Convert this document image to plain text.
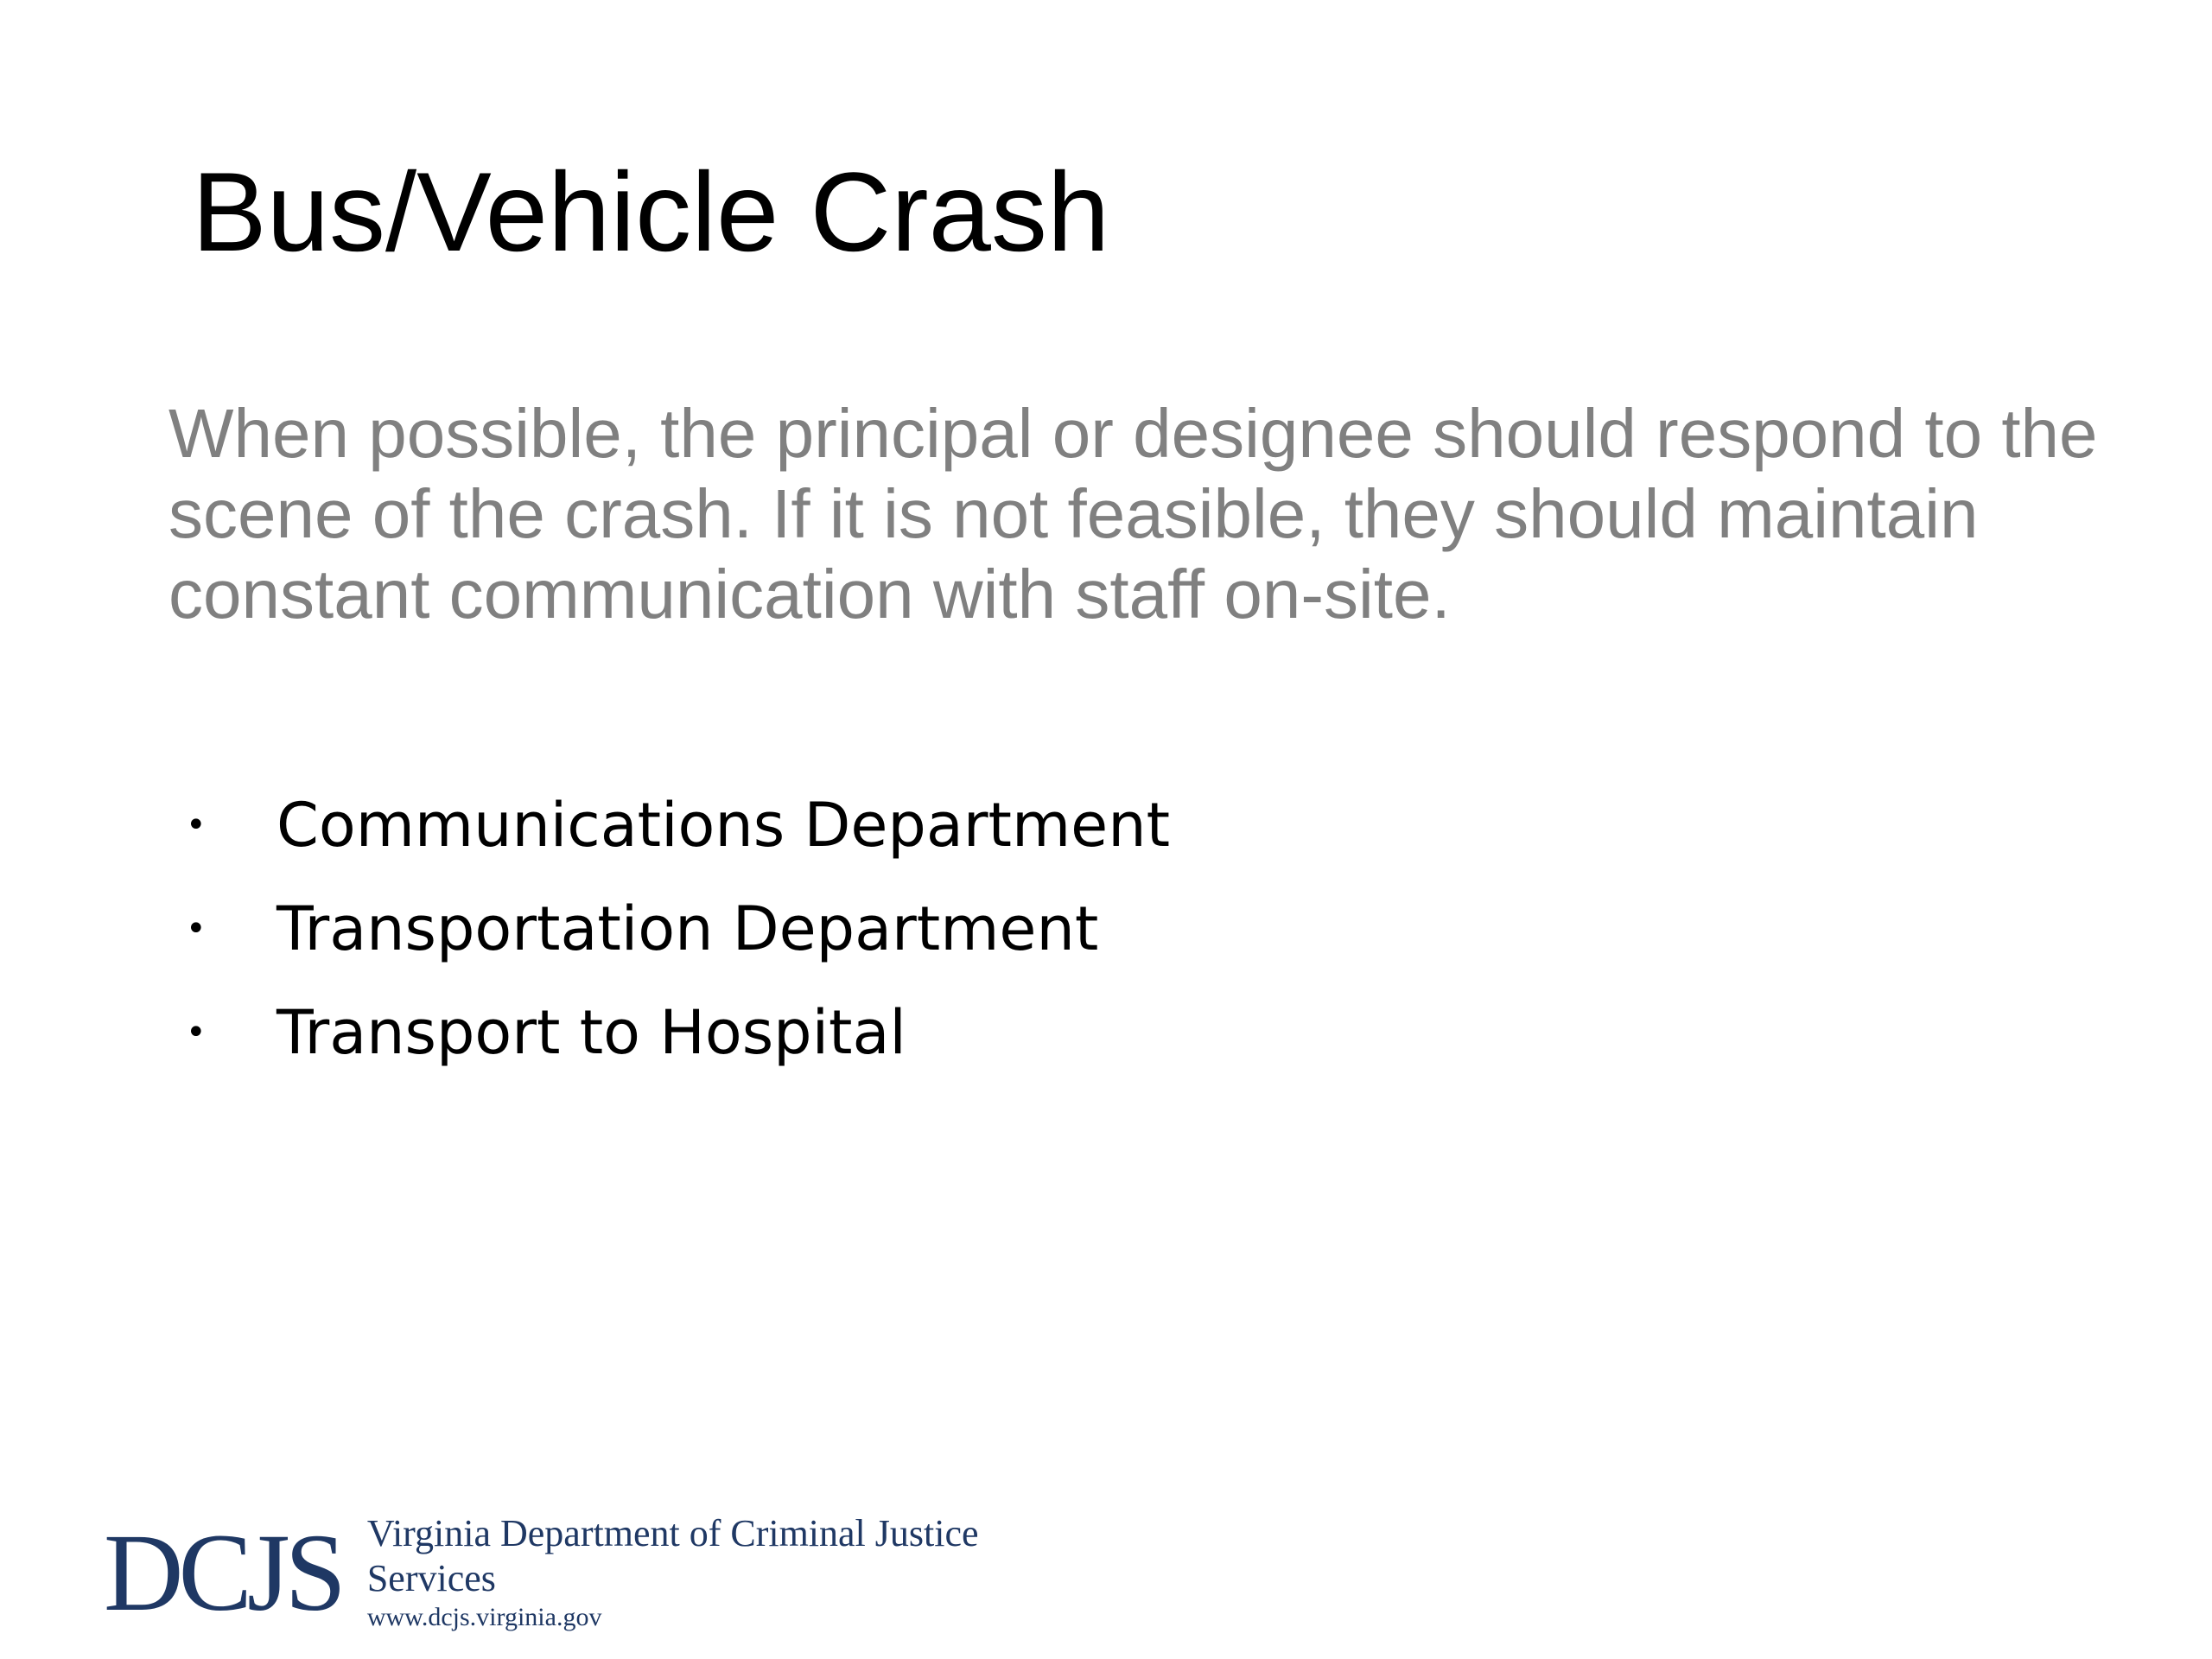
Bus/Vehicle Crash

When possible, the principal or designee should respond to the scene of the crash. If it is not feasible, they should maintain constant communication with staff on-site.

• Communications Department
• Transportation Department
• Transport to Hospital
DCJS Virginia Department of Criminal Justice Services
www.dcjs.virginia.gov
